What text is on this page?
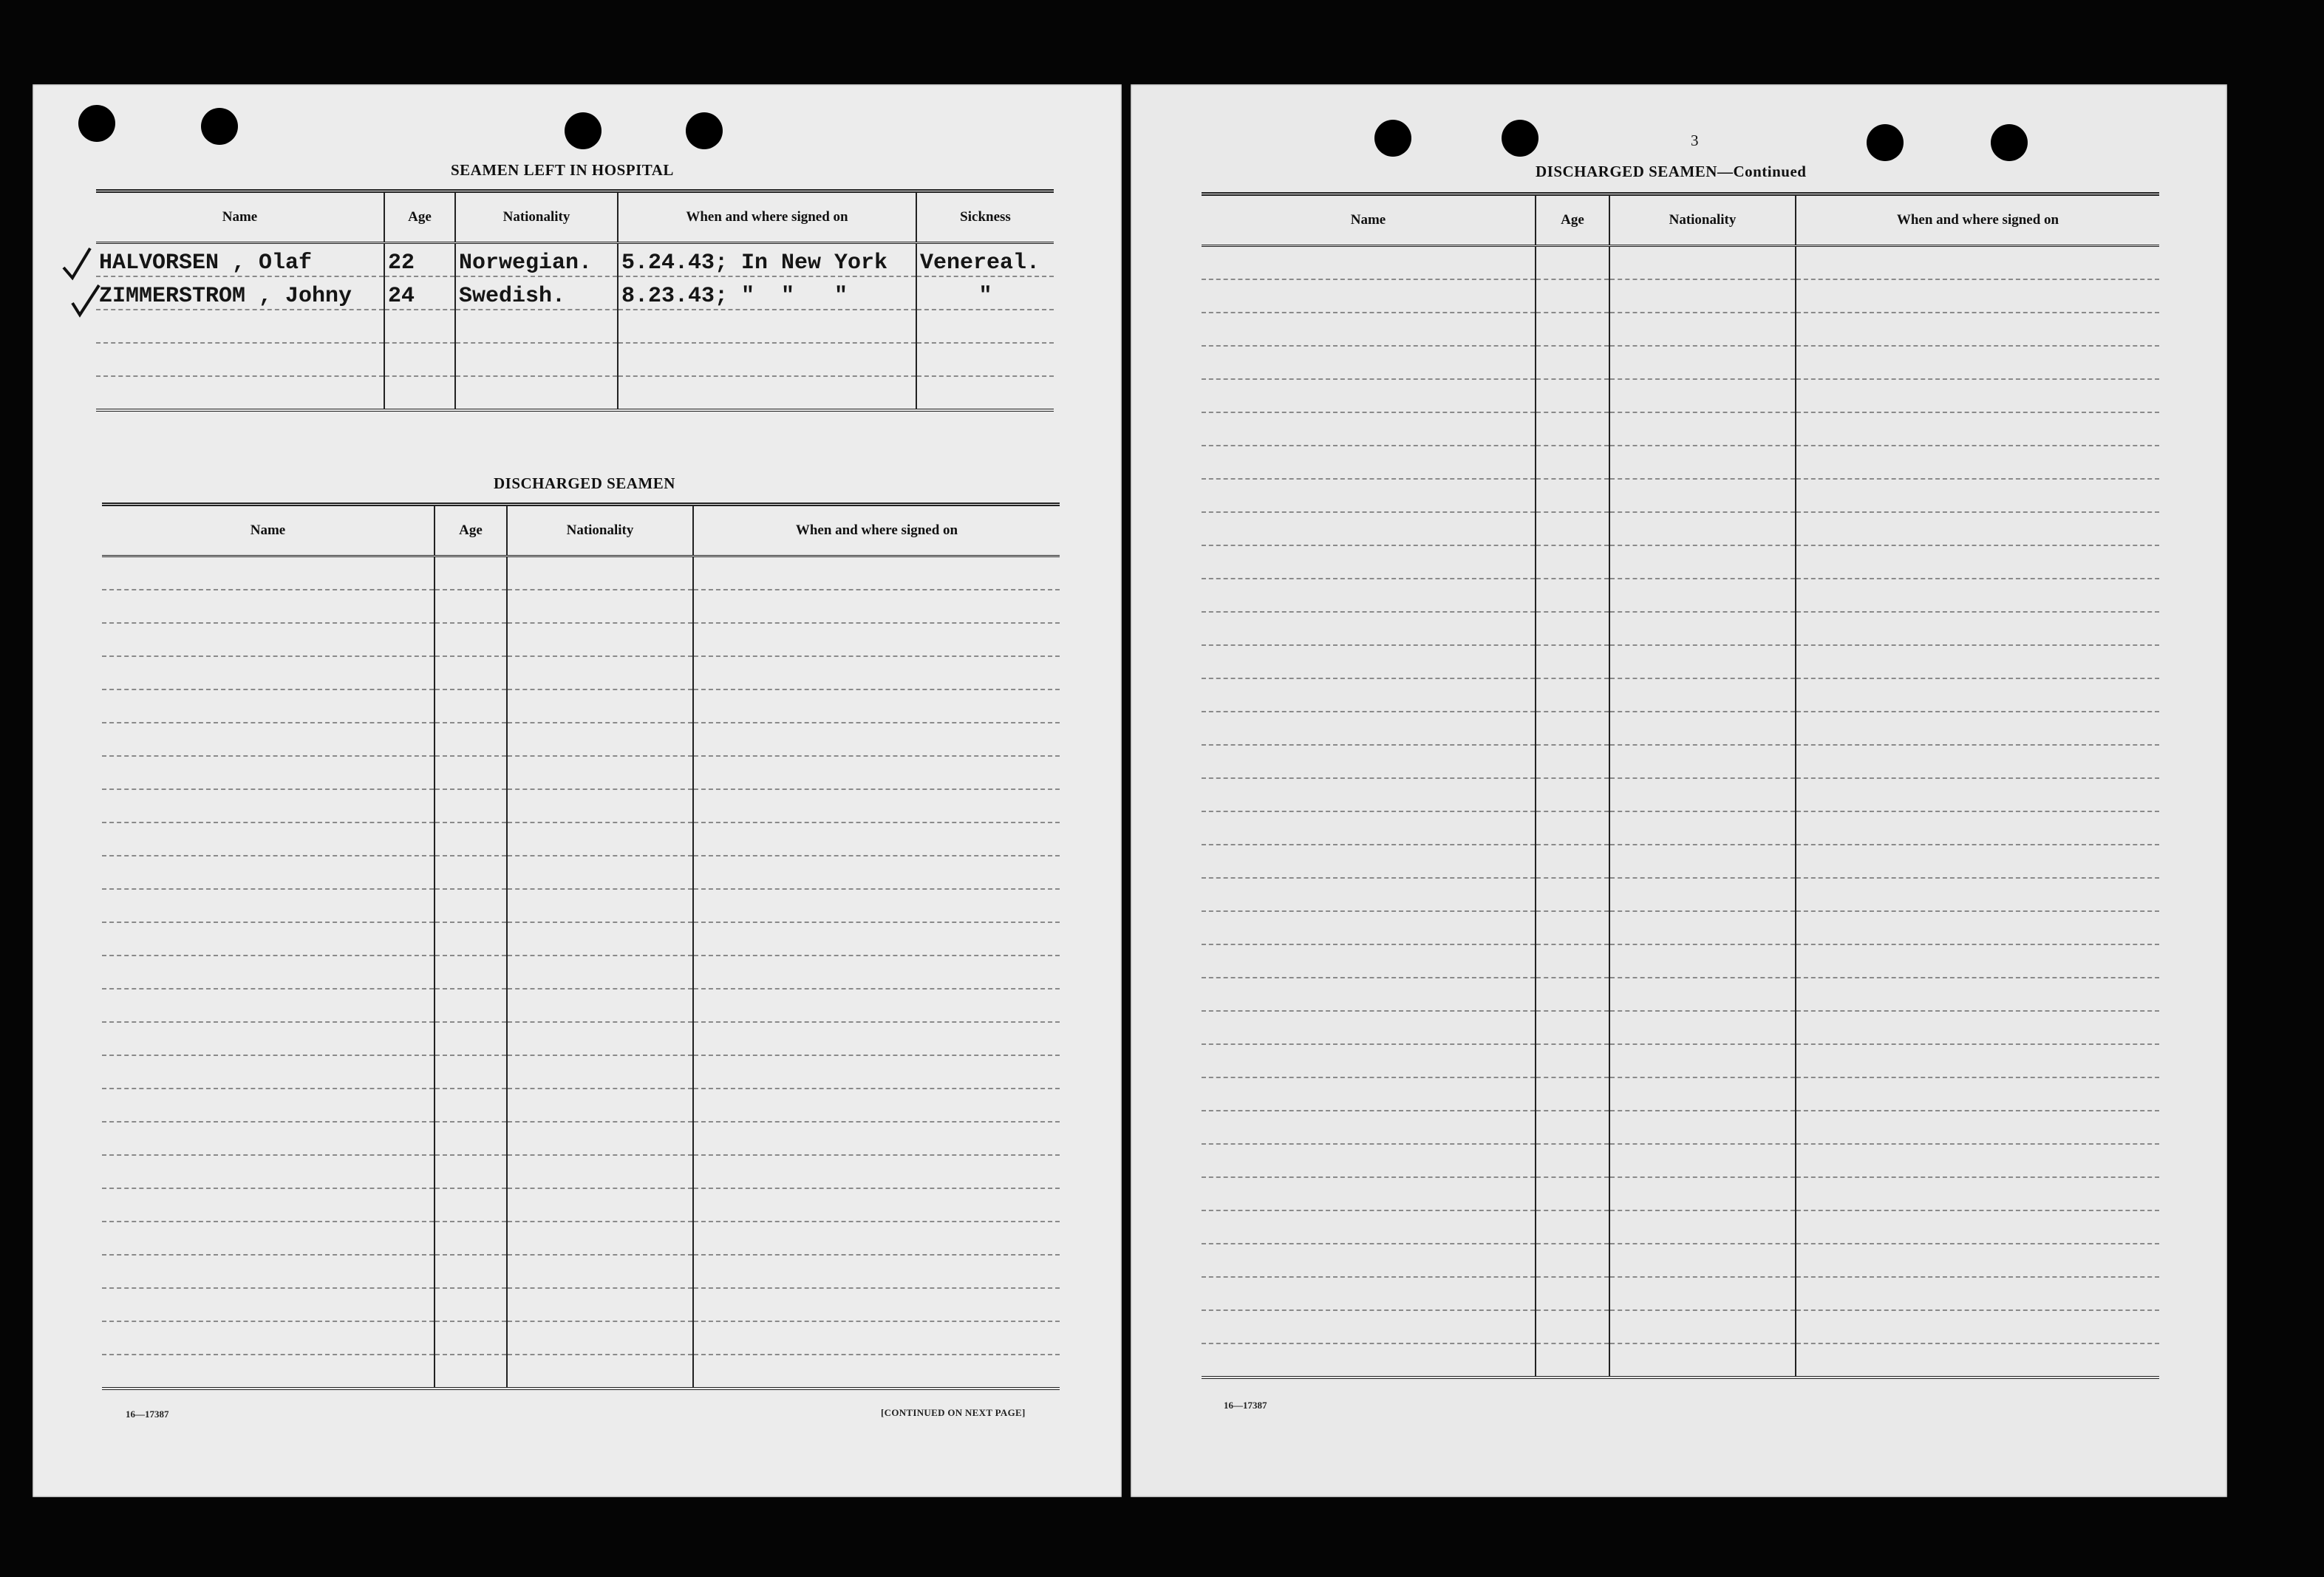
SEAMEN LEFT IN HOSPITAL
Name	Age	Nationality	When and where signed on	Sickness
HALVORSEN , Olaf	22	Norwegian.	5.24.43; In New York	Venereal.
ZIMMERSTROM , Johny	24	Swedish.	8.23.43; "  "   "	"

DISCHARGED SEAMEN
Name	Age	Nationality	When and where signed on

16—17387	[CONTINUED ON NEXT PAGE]
3
DISCHARGED SEAMEN—Continued
Name	Age	Nationality	When and where signed on

16—17387
